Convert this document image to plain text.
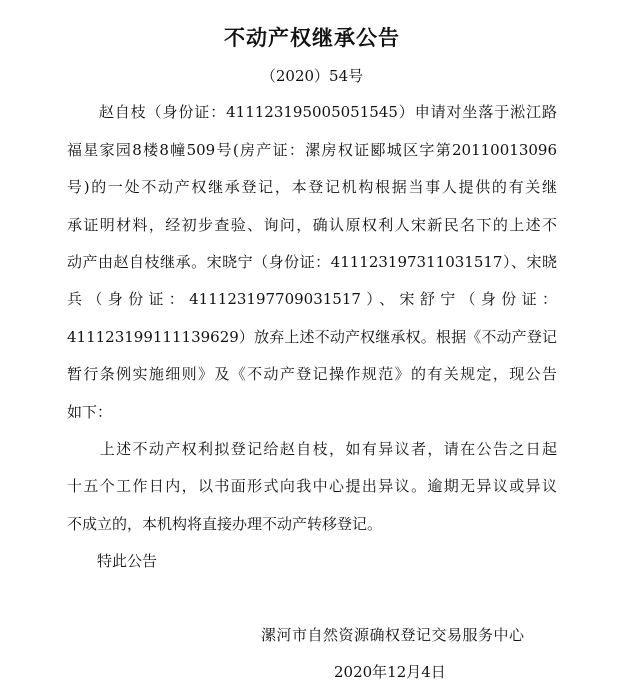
不动产权继承公告
（2020）54号
　　赵自枝（身份证：411123195005051545）申请对坐落于淞江路
福星家园8楼8幢509号(房产证：漯房权证郾城区字第20110013096
号)的一处不动产权继承登记，本登记机构根据当事人提供的有关继
承证明材料，经初步查验、询问，确认原权利人宋新民名下的上述不
动产由赵自枝继承。宋晓宁（身份证：411123197311031517）、宋晓
兵（身份证：411123197709031517）、宋舒宁（身份证：
411123199111139629）放弃上述不动产权继承权。根据《不动产登记
暂行条例实施细则》及《不动产登记操作规范》的有关规定，现公告
如下：
　　上述不动产权利拟登记给赵自枝，如有异议者，请在公告之日起
十五个工作日内，以书面形式向我中心提出异议。逾期无异议或异议
不成立的，本机构将直接办理不动产转移登记。
　　特此公告
漯河市自然资源确权登记交易服务中心
2020年12月4日
